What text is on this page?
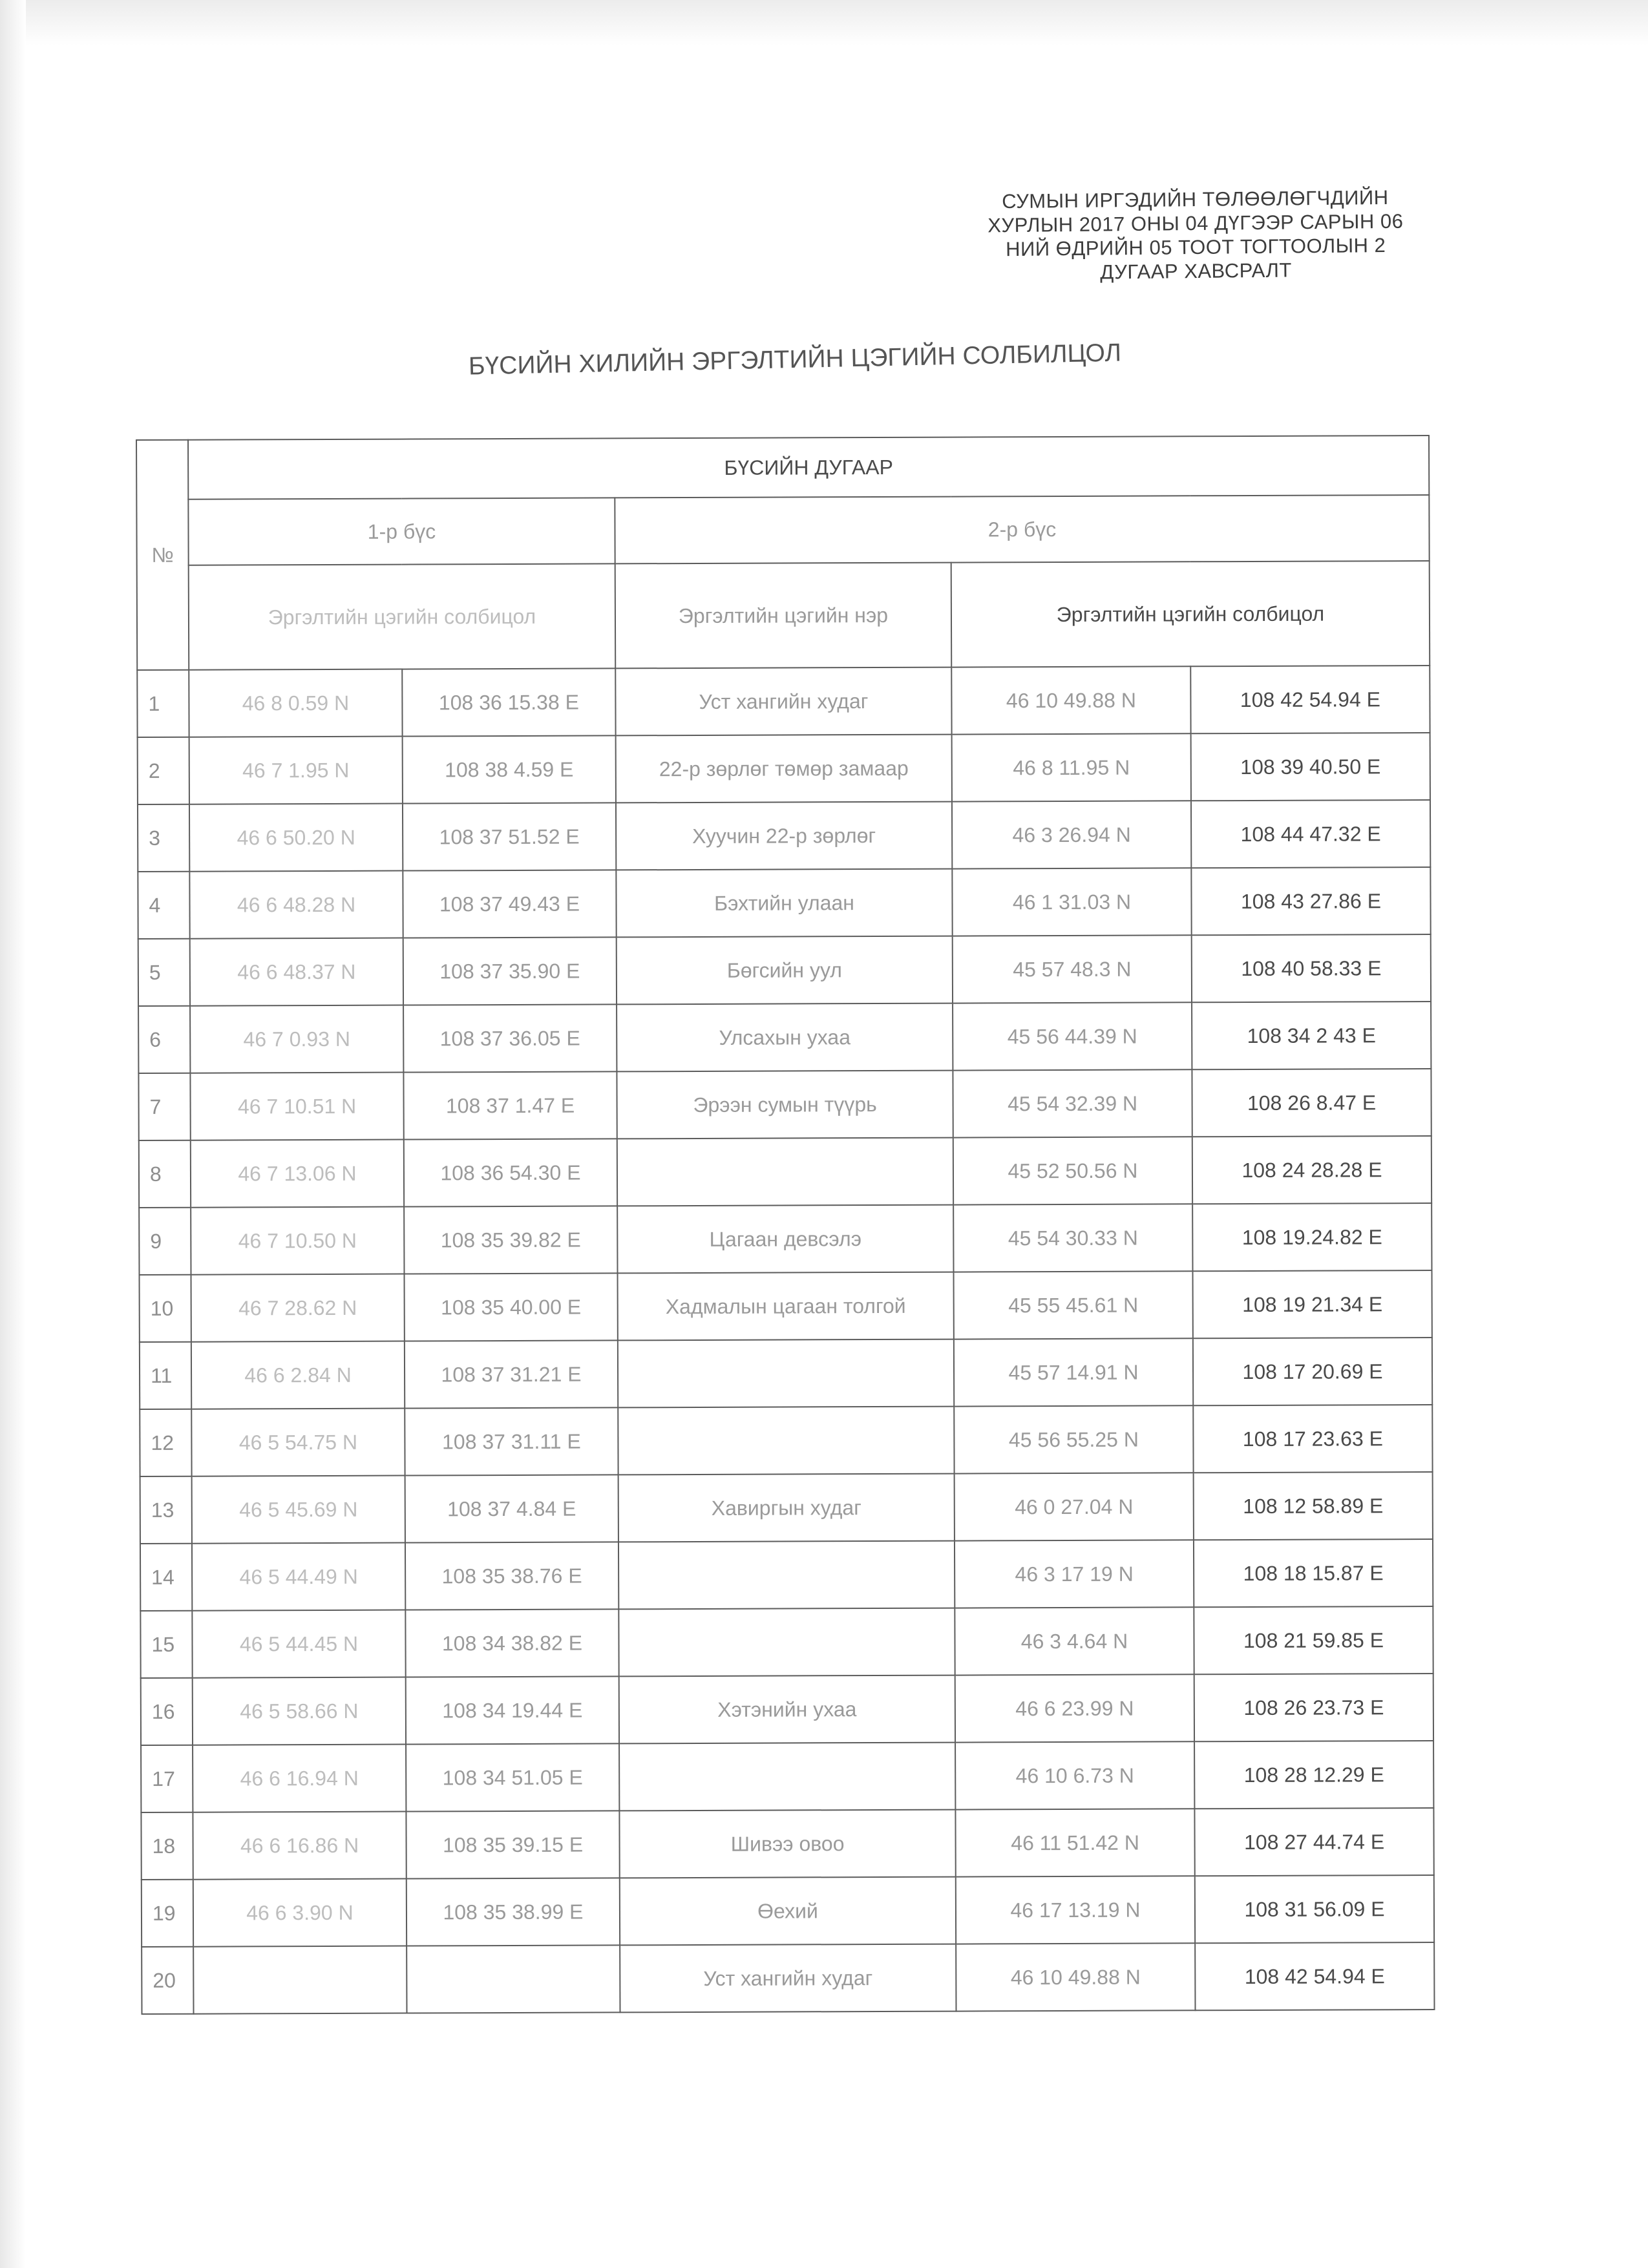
СУМЫН ИРГЭДИЙН ТӨЛӨӨЛӨГЧДИЙН
ХУРЛЫН 2017 ОНЫ 04 ДҮГЭЭР САРЫН 06
НИЙ ӨДРИЙН 05 ТООТ ТОГТООЛЫН 2
ДУГААР ХАВСРАЛТ
БҮСИЙН ХИЛИЙН ЭРГЭЛТИЙН ЦЭГИЙН СОЛБИЛЦОЛ
№	БҮСИЙН ДУГААР				
	1-р бүс		2-р бүс		
	Эргэлтийн цэгийн солбицол		Эргэлтийн цэгийн нэр	Эргэлтийн цэгийн солбицол	
1	46 8 0.59 N	108 36 15.38 E	Уст хангийн худаг	46 10 49.88 N	108 42 54.94 E
2	46 7 1.95 N	108 38 4.59 E	22-р зөрлөг төмөр замаар	46 8 11.95 N	108 39 40.50 E
3	46 6 50.20 N	108 37 51.52 E	Хуучин 22-р зөрлөг	46 3 26.94 N	108 44 47.32 E
4	46 6 48.28 N	108 37 49.43 E	Бэхтийн улаан	46 1 31.03 N	108 43 27.86 E
5	46 6 48.37 N	108 37 35.90 E	Бөгсийн уул	45 57 48.3 N	108 40 58.33 E
6	46 7 0.93 N	108 37 36.05 E	Улсахын ухаа	45 56 44.39 N	108 34 2 43 E
7	46 7 10.51 N	108 37 1.47 E	Эрээн сумын түүрь	45 54 32.39 N	108 26 8.47 E
8	46 7 13.06 N	108 36 54.30 E		45 52 50.56 N	108 24 28.28 E
9	46 7 10.50 N	108 35 39.82 E	Цагаан девсэлэ	45 54 30.33 N	108 19.24.82 E
10	46 7 28.62 N	108 35 40.00 E	Хадмалын цагаан толгой	45 55 45.61 N	108 19 21.34 E
11	46 6 2.84 N	108 37 31.21 E		45 57 14.91 N	108 17 20.69 E
12	46 5 54.75 N	108 37 31.11 E		45 56 55.25 N	108 17 23.63 E
13	46 5 45.69 N	108 37 4.84 E	Хавиргын худаг	46 0 27.04 N	108 12 58.89 E
14	46 5 44.49 N	108 35 38.76 E		46 3 17 19 N	108 18 15.87 E
15	46 5 44.45 N	108 34 38.82 E		46 3 4.64 N	108 21 59.85 E
16	46 5 58.66 N	108 34 19.44 E	Хэтэнийн ухаа	46 6 23.99 N	108 26 23.73 E
17	46 6 16.94 N	108 34 51.05 E		46 10 6.73 N	108 28 12.29 E
18	46 6 16.86 N	108 35 39.15 E	Шивээ овоо	46 11 51.42 N	108 27 44.74 E
19	46 6 3.90 N	108 35 38.99 E	Өехий	46 17 13.19 N	108 31 56.09 E
20			Уст хангийн худаг	46 10 49.88 N	108 42 54.94 E
